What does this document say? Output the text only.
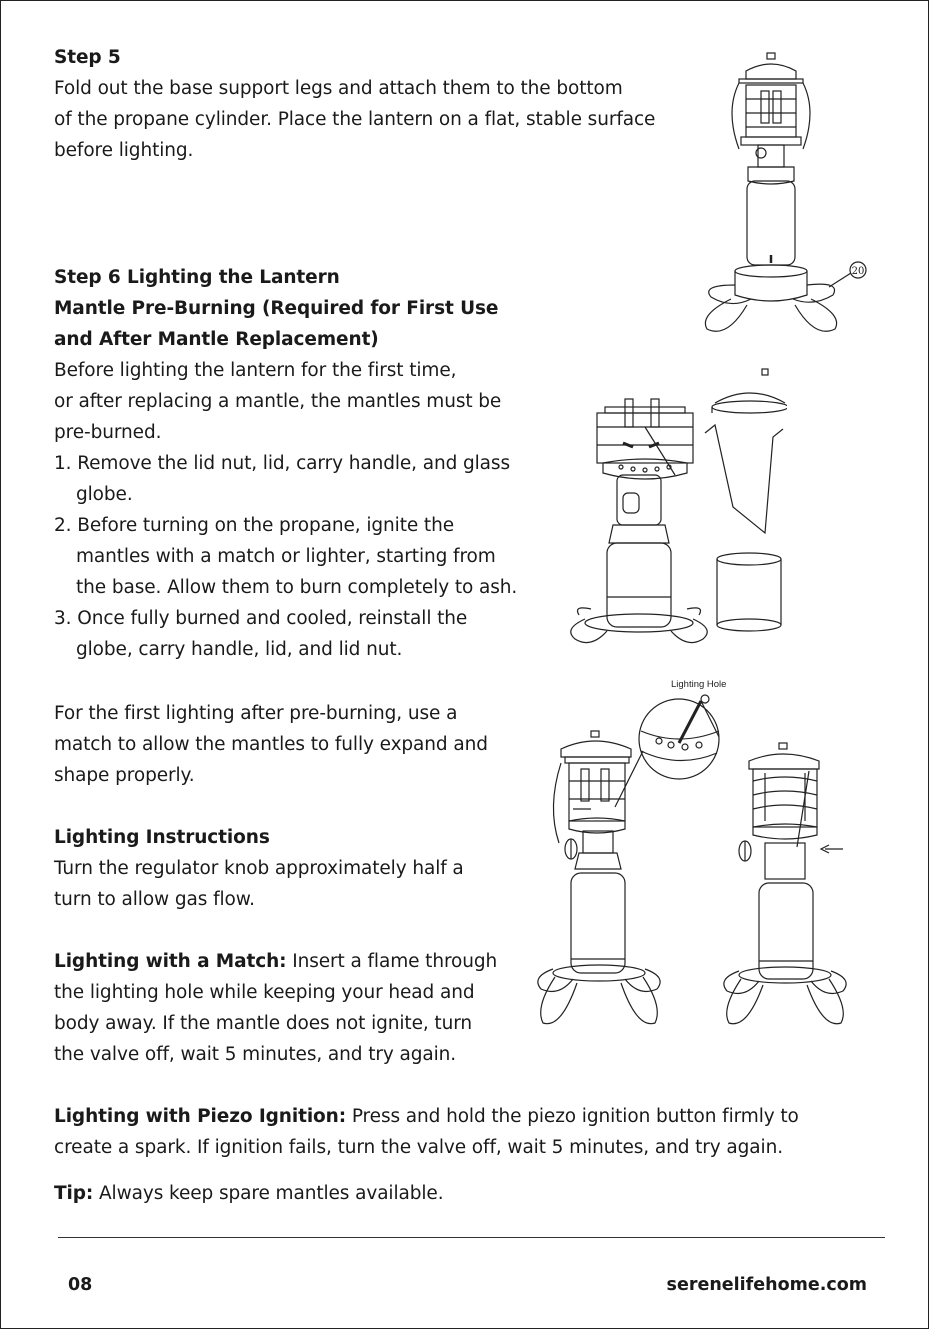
Step 5

Fold out the base support legs and attach them to the bottom

of the propane cylinder. Place the lantern on a flat, stable surface

before lighting.

Step 6 Lighting the Lantern

Mantle Pre-Burning (Required for First Use

and After Mantle Replacement)

Before lighting the lantern for the first time,

or after replacing a mantle, the mantles must be

pre-burned.

1. Remove the lid nut, lid, carry handle, and glass

globe.

2. Before turning on the propane, ignite the

mantles with a match or lighter, starting from

the base. Allow them to burn completely to ash.

3. Once fully burned and cooled, reinstall the

globe, carry handle, lid, and lid nut.

For the first lighting after pre-burning, use a

match to allow the mantles to fully expand and

shape properly.

Lighting Instructions

Turn the regulator knob approximately half a

turn to allow gas flow.

Lighting with a Match: Insert a flame through

the lighting hole while keeping your head and

body away. If the mantle does not ignite, turn

the valve off, wait 5 minutes, and try again.

Lighting with Piezo Ignition: Press and hold the piezo ignition button firmly to

create a spark. If ignition fails, turn the valve off, wait 5 minutes, and try again.

Tip: Always keep spare mantles available.

20
Lighting Hole
08	serenelifehome.com
